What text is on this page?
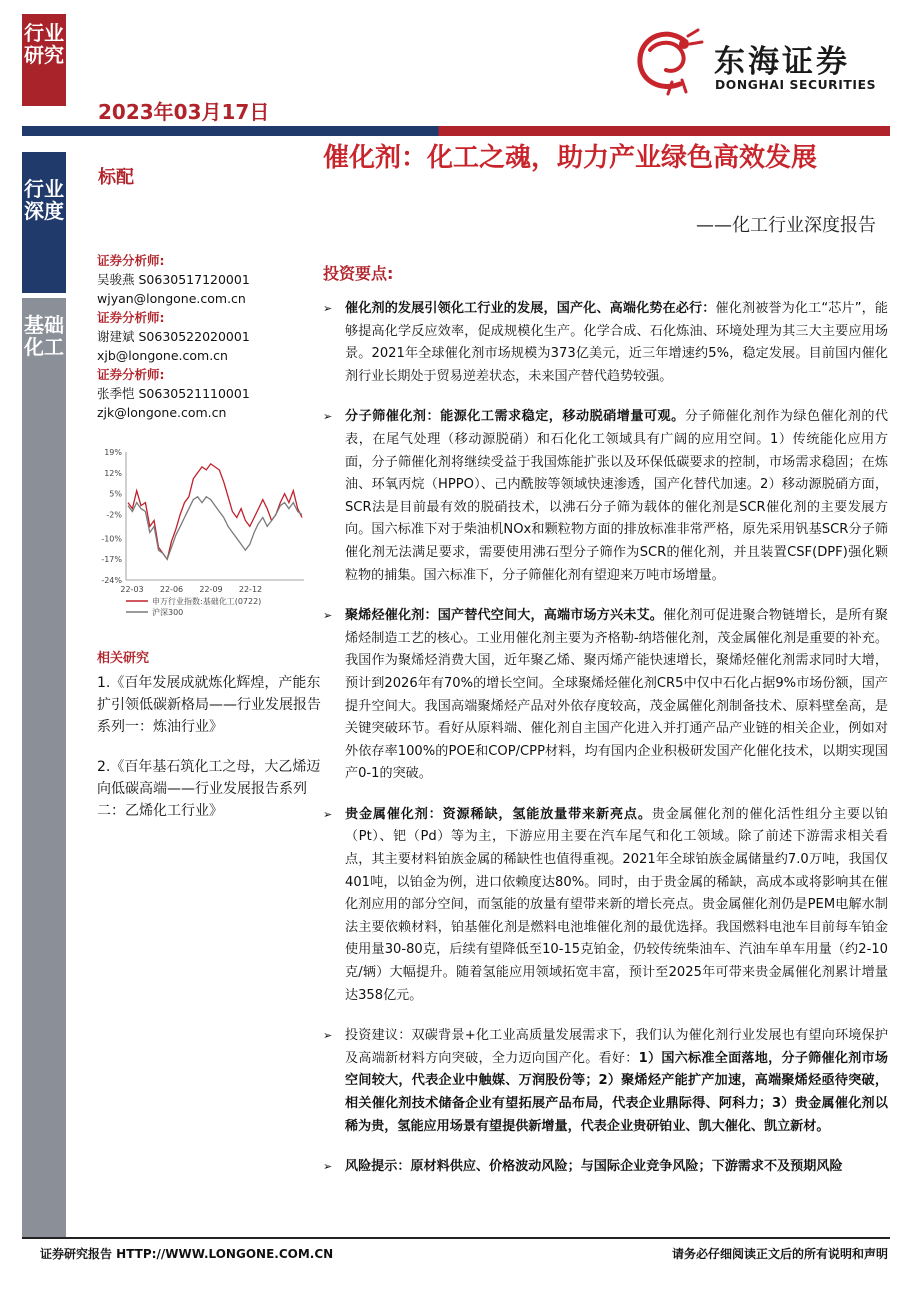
行业研究
行业深度
基础化工
2023年03月17日
东海证券
DONGHAI SECURITIES
标配
催化剂：化工之魂，助力产业绿色高效发展
——化工行业深度报告
证券分析师:
吴骏燕 S0630517120001
wjyan@longone.com.cn
证券分析师:
谢建斌 S0630522020001
xjb@longone.com.cn
证券分析师:
张季恺 S0630521110001
zjk@longone.com.cn
19%
12%
5%
-2%
-10%
-17%
-24%
22-03 22-06 22-09 22-12
申万行业指数:基础化工(0722)
沪深300
相关研究
1.《百年发展成就炼化辉煌，产能东扩引领低碳新格局——行业发展报告系列一：炼油行业》
2.《百年基石筑化工之母，大乙烯迈向低碳高端——行业发展报告系列二：乙烯化工行业》
投资要点:
➢ 催化剂的发展引领化工行业的发展，国产化、高端化势在必行：催化剂被誉为化工“芯片”，能够提高化学反应效率，促成规模化生产。化学合成、石化炼油、环境处理为其三大主要应用场景。2021年全球催化剂市场规模为373亿美元，近三年增速约5%，稳定发展。目前国内催化剂行业长期处于贸易逆差状态，未来国产替代趋势较强。
➢ 分子筛催化剂：能源化工需求稳定，移动脱硝增量可观。分子筛催化剂作为绿色催化剂的代表，在尾气处理（移动源脱硝）和石化化工领域具有广阔的应用空间。1）传统能化应用方面，分子筛催化剂将继续受益于我国炼能扩张以及环保低碳要求的控制，市场需求稳固；在炼油、环氧丙烷（HPPO）、己内酰胺等领域快速渗透，国产化替代加速。2）移动源脱硝方面，SCR法是目前最有效的脱硝技术，以沸石分子筛为载体的催化剂是SCR催化剂的主要发展方向。国六标准下对于柴油机NOx和颗粒物方面的排放标准非常严格，原先采用钒基SCR分子筛催化剂无法满足要求，需要使用沸石型分子筛作为SCR的催化剂，并且装置CSF(DPF)强化颗粒物的捕集。国六标准下，分子筛催化剂有望迎来万吨市场增量。
➢ 聚烯烃催化剂：国产替代空间大，高端市场方兴未艾。催化剂可促进聚合物链增长，是所有聚烯烃制造工艺的核心。工业用催化剂主要为齐格勒-纳塔催化剂，茂金属催化剂是重要的补充。我国作为聚烯烃消费大国，近年聚乙烯、聚丙烯产能快速增长，聚烯烃催化剂需求同时大增，预计到2026年有70%的增长空间。全球聚烯烃催化剂CR5中仅中石化占据9%市场份额，国产提升空间大。我国高端聚烯烃产品对外依存度较高，茂金属催化剂制备技术、原料壁垒高，是关键突破环节。看好从原料端、催化剂自主国产化进入并打通产品产业链的相关企业，例如对外依存率100%的POE和COP/CPP材料，均有国内企业积极研发国产化催化技术，以期实现国产0-1的突破。
➢ 贵金属催化剂：资源稀缺，氢能放量带来新亮点。贵金属催化剂的催化活性组分主要以铂（Pt）、钯（Pd）等为主，下游应用主要在汽车尾气和化工领域。除了前述下游需求相关看点，其主要材料铂族金属的稀缺性也值得重视。2021年全球铂族金属储量约7.0万吨，我国仅401吨，以铂金为例，进口依赖度达80%。同时，由于贵金属的稀缺，高成本或将影响其在催化剂应用的部分空间，而氢能的放量有望带来新的增长亮点。贵金属催化剂仍是PEM电解水制法主要依赖材料，铂基催化剂是燃料电池堆催化剂的最优选择。我国燃料电池车目前每车铂金使用量30-80克，后续有望降低至10-15克铂金，仍较传统柴油车、汽油车单车用量（约2-10克/辆）大幅提升。随着氢能应用领域拓宽丰富，预计至2025年可带来贵金属催化剂累计增量达358亿元。
➢ 投资建议：双碳背景+化工业高质量发展需求下，我们认为催化剂行业发展也有望向环境保护及高端新材料方向突破，全力迈向国产化。看好：1）国六标准全面落地，分子筛催化剂市场空间较大，代表企业中触媒、万润股份等；2）聚烯烃产能扩产加速，高端聚烯烃亟待突破，相关催化剂技术储备企业有望拓展产品布局，代表企业鼎际得、阿科力；3）贵金属催化剂以稀为贵，氢能应用场景有望提供新增量，代表企业贵研铂业、凯大催化、凯立新材。
➢ 风险提示：原材料供应、价格波动风险；与国际企业竞争风险；下游需求不及预期风险
证券研究报告 HTTP://WWW.LONGONE.COM.CN	请务必仔细阅读正文后的所有说明和声明
